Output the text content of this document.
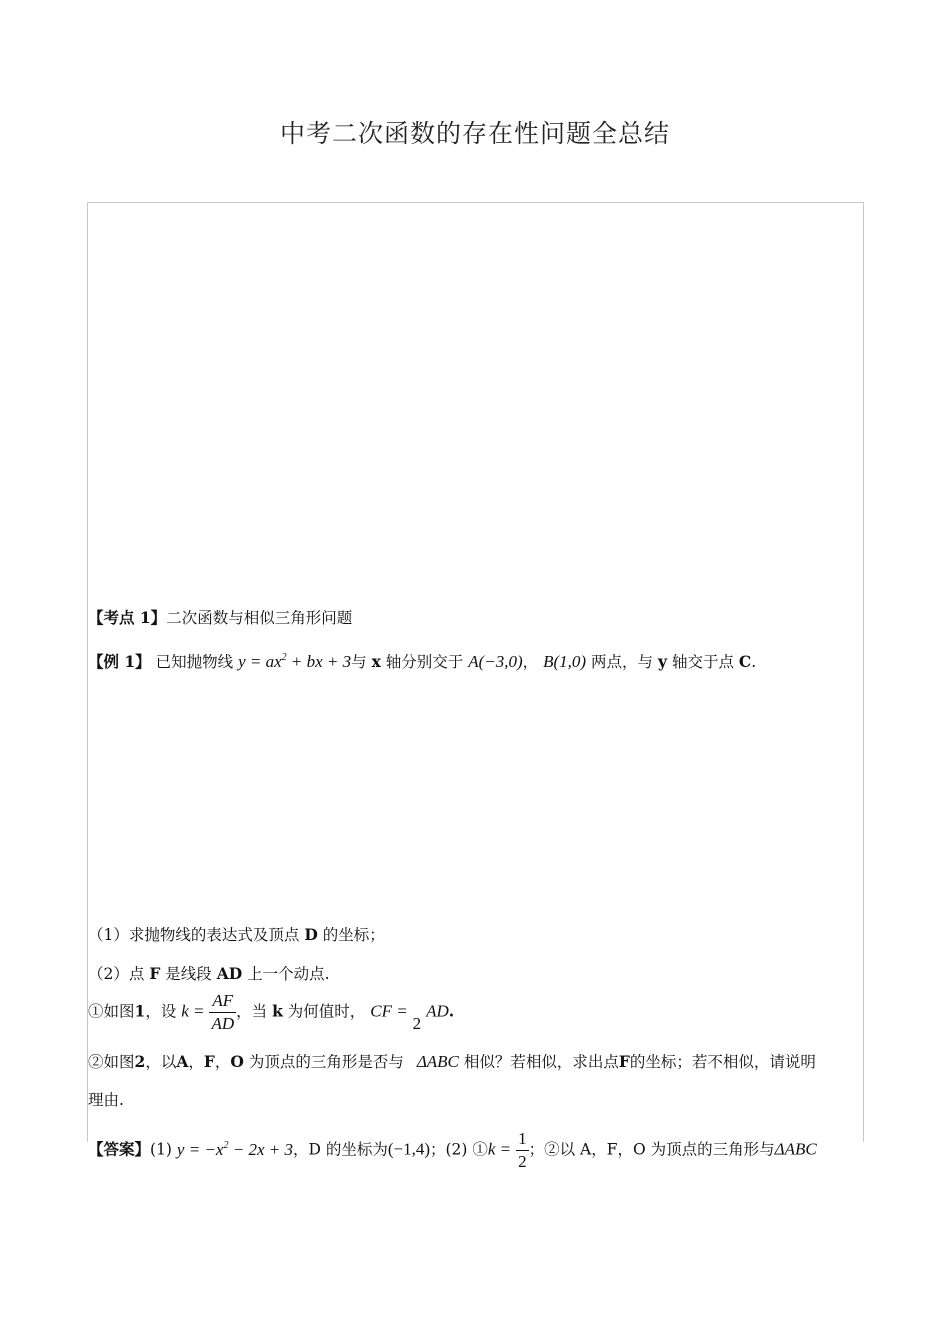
中考二次函数的存在性问题全总结
【考点 1】二次函数与相似三角形问题
【例 1】 已知抛物线 $y = ax^2$ + bx + 3与 x 轴分别交于 A(−3,0)， B(1,0) 两点，与 y 轴交于点 C.
（1）求抛物线的表达式及顶点 D 的坐标；
（2）点 F 是线段 AD 上一个动点.
①如图1，设 $k = \frac{AF}{AD}$ ，当 k 为何值时， CF = 2 AD.
②如图2，以A，F，O 为顶点的三角形是否与 ΔABC 相似？若相似，求出点F的坐标；若不相似，请说明
理由.
【答案】(1) $y = -x^2 - 2x + 3$，D 的坐标为(−1,4)；(2) ①k = $\frac{1}{2}$ ；②以 A，F，O 为顶点的三角形与ΔABC
